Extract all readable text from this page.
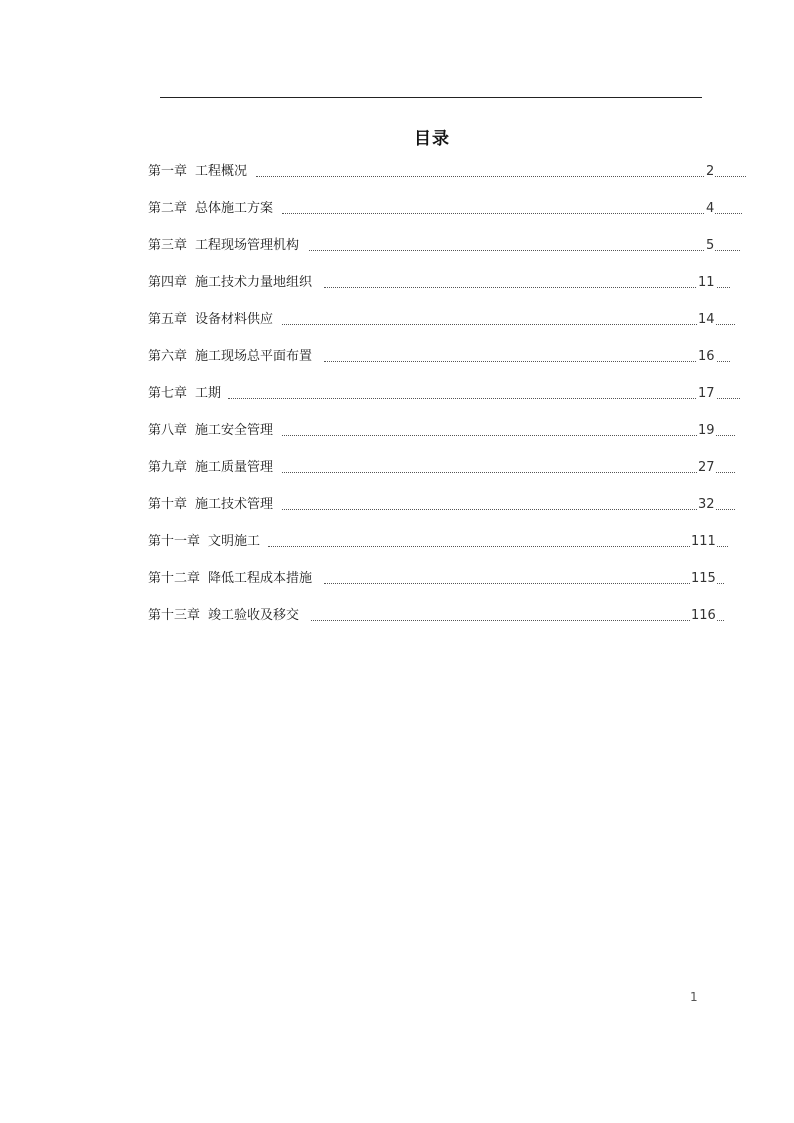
目录
第一章 工程概况	2
第二章 总体施工方案	4
第三章 工程现场管理机构	5
第四章 施工技术力量地组织	11
第五章 设备材料供应	14
第六章 施工现场总平面布置	16
第七章 工期	17
第八章 施工安全管理	19
第九章 施工质量管理	27
第十章 施工技术管理	32
第十一章 文明施工	111
第十二章 降低工程成本措施	115
第十三章 竣工验收及移交	116
1
